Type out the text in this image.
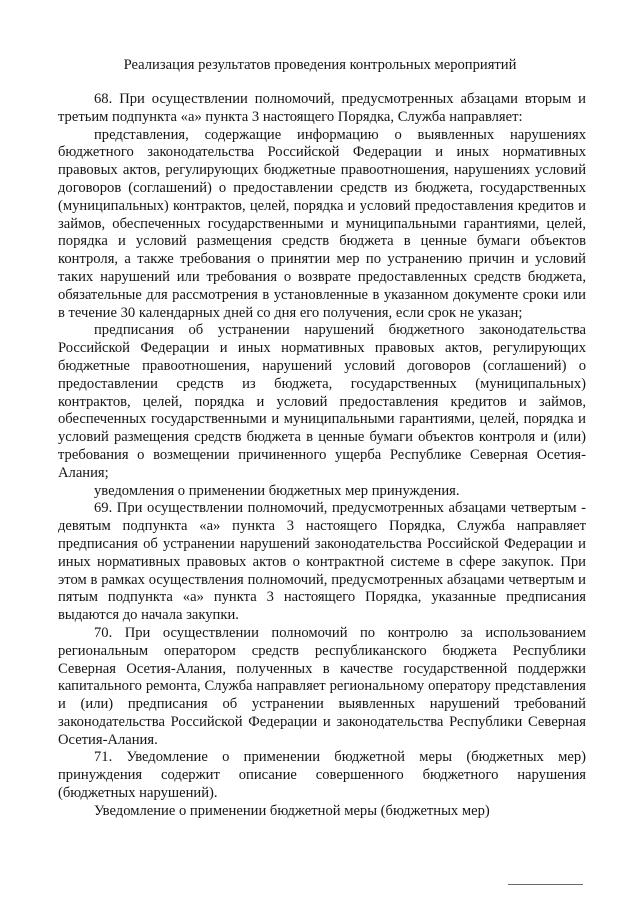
Реализация результатов проведения контрольных мероприятий

68. При осуществлении полномочий, предусмотренных абзацами вторым и третьим подпункта «а» пункта 3 настоящего Порядка, Служба направляет:

представления, содержащие информацию о выявленных нарушениях бюджетного законодательства Российской Федерации и иных нормативных правовых актов, регулирующих бюджетные правоотношения, нарушениях условий договоров (соглашений) о предоставлении средств из бюджета, государственных (муниципальных) контрактов, целей, порядка и условий предоставления кредитов и займов, обеспеченных государственными и муниципальными гарантиями, целей, порядка и условий размещения средств бюджета в ценные бумаги объектов контроля, а также требования о принятии мер по устранению причин и условий таких нарушений или требования о возврате предоставленных средств бюджета, обязательные для рассмотрения в установленные в указанном документе сроки или в течение 30 календарных дней со дня его получения, если срок не указан;

предписания об устранении нарушений бюджетного законодательства Российской Федерации и иных нормативных правовых актов, регулирующих бюджетные правоотношения, нарушений условий договоров (соглашений) о предоставлении средств из бюджета, государственных (муниципальных) контрактов, целей, порядка и условий предоставления кредитов и займов, обеспеченных государственными и муниципальными гарантиями, целей, порядка и условий размещения средств бюджета в ценные бумаги объектов контроля и (или) требования о возмещении причиненного ущерба Республике Северная Осетия-Алания;

уведомления о применении бюджетных мер принуждения.

69. При осуществлении полномочий, предусмотренных абзацами четвертым - девятым подпункта «а» пункта 3 настоящего Порядка, Служба направляет предписания об устранении нарушений законодательства Российской Федерации и иных нормативных правовых актов о контрактной системе в сфере закупок. При этом в рамках осуществления полномочий, предусмотренных абзацами четвертым и пятым подпункта «а» пункта 3 настоящего Порядка, указанные предписания выдаются до начала закупки.

70. При осуществлении полномочий по контролю за использованием региональным оператором средств республиканского бюджета Республики Северная Осетия-Алания, полученных в качестве государственной поддержки капитального ремонта, Служба направляет региональному оператору представления и (или) предписания об устранении выявленных нарушений требований законодательства Российской Федерации и законодательства Республики Северная Осетия-Алания.

71. Уведомление о применении бюджетной меры (бюджетных мер) принуждения содержит описание совершенного бюджетного нарушения (бюджетных нарушений).

Уведомление о применении бюджетной меры (бюджетных мер)
